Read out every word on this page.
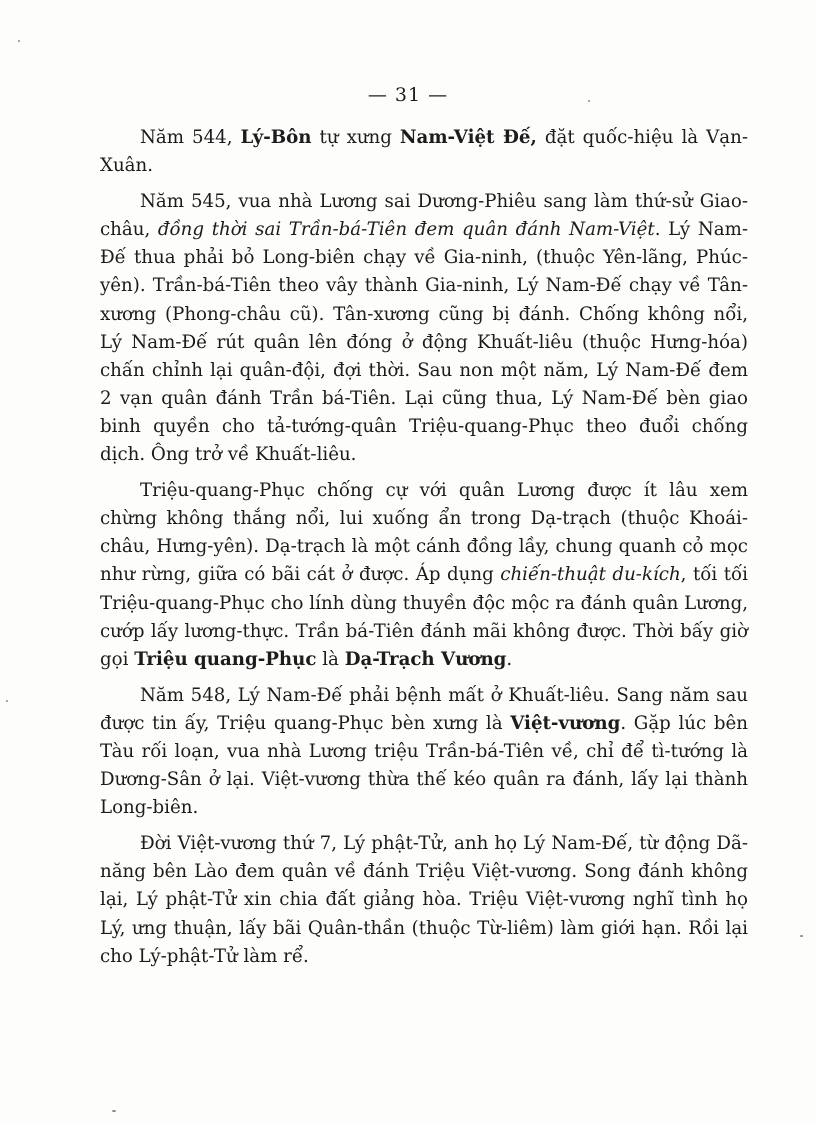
— 31 —

Năm 544, Lý-Bôn tự xưng Nam-Việt Đế, đặt quốc-hiệu là Vạn-Xuân.

Năm 545, vua nhà Lương sai Dương-Phiêu sang làm thứ-sử Giao-châu, đồng thời sai Trần-bá-Tiên đem quân đánh Nam-Việt. Lý Nam-Đế thua phải bỏ Long-biên chạy về Gia-ninh, (thuộc Yên-lãng, Phúc-yên). Trần-bá-Tiên theo vây thành Gia-ninh, Lý Nam-Đế chạy về Tân-xương (Phong-châu cũ). Tân-xương cũng bị đánh. Chống không nổi, Lý Nam-Đế rút quân lên đóng ở động Khuất-liêu (thuộc Hưng-hóa) chấn chỉnh lại quân-đội, đợi thời. Sau non một năm, Lý Nam-Đế đem 2 vạn quân đánh Trần bá-Tiên. Lại cũng thua, Lý Nam-Đế bèn giao binh quyền cho tả-tướng-quân Triệu-quang-Phục theo đuổi chống dịch. Ông trở về Khuất-liêu.

Triệu-quang-Phục chống cự với quân Lương được ít lâu xem chừng không thắng nổi, lui xuống ẩn trong Dạ-trạch (thuộc Khoái-châu, Hưng-yên). Dạ-trạch là một cánh đồng lầy, chung quanh cỏ mọc như rừng, giữa có bãi cát ở được. Áp dụng chiến-thuật du-kích, tối tối Triệu-quang-Phục cho lính dùng thuyền độc mộc ra đánh quân Lương, cướp lấy lương-thực. Trần bá-Tiên đánh mãi không được. Thời bấy giờ gọi Triệu quang-Phục là Dạ-Trạch Vương.

Năm 548, Lý Nam-Đế phải bệnh mất ở Khuất-liêu. Sang năm sau được tin ấy, Triệu quang-Phục bèn xưng là Việt-vương. Gặp lúc bên Tàu rối loạn, vua nhà Lương triệu Trần-bá-Tiên về, chỉ để tì-tướng là Dương-Sân ở lại. Việt-vương thừa thế kéo quân ra đánh, lấy lại thành Long-biên.

Đời Việt-vương thứ 7, Lý phật-Tử, anh họ Lý Nam-Đế, từ động Dã-năng bên Lào đem quân về đánh Triệu Việt-vương. Song đánh không lại, Lý phật-Tử xin chia đất giảng hòa. Triệu Việt-vương nghĩ tình họ Lý, ưng thuận, lấy bãi Quân-thần (thuộc Từ-liêm) làm giới hạn. Rồi lại cho Lý-phật-Tử làm rể.
